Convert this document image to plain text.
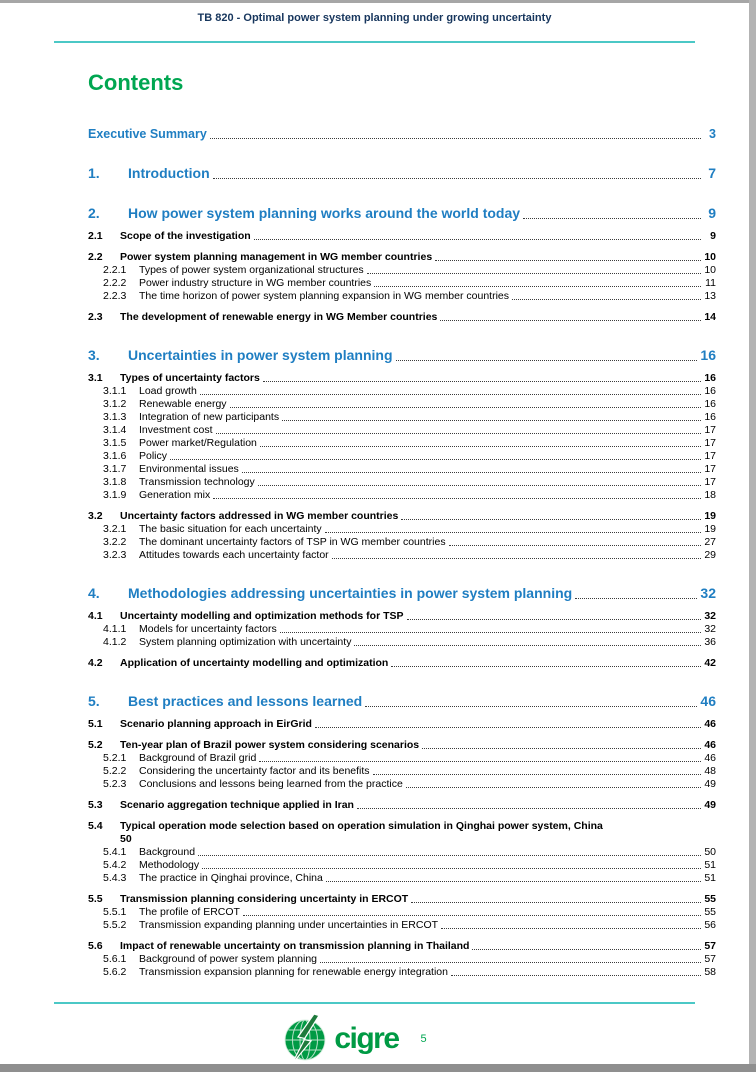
TB 820 - Optimal power system planning under growing uncertainty
Contents
Executive Summary	3
1.	Introduction	7
2.	How power system planning works around the world today	9
2.1	Scope of the investigation	9
2.2	Power system planning management in WG member countries	10
2.2.1	Types of power system organizational structures	10
2.2.2	Power industry structure in WG member countries	11
2.2.3	The time horizon of power system planning expansion in WG member countries	13
2.3	The development of renewable energy in WG Member countries	14
3.	Uncertainties in power system planning	16
3.1	Types of uncertainty factors	16
3.1.1	Load growth	16
3.1.2	Renewable energy	16
3.1.3	Integration of new participants	16
3.1.4	Investment cost	17
3.1.5	Power market/Regulation	17
3.1.6	Policy	17
3.1.7	Environmental issues	17
3.1.8	Transmission technology	17
3.1.9	Generation mix	18
3.2	Uncertainty factors addressed in WG member countries	19
3.2.1	The basic situation for each uncertainty	19
3.2.2	The dominant uncertainty factors of TSP in WG member countries	27
3.2.3	Attitudes towards each uncertainty factor	29
4.	Methodologies addressing uncertainties in power system planning	32
4.1	Uncertainty modelling and optimization methods for TSP	32
4.1.1	Models for uncertainty factors	32
4.1.2	System planning optimization with uncertainty	36
4.2	Application of uncertainty modelling and optimization	42
5.	Best practices and lessons learned	46
5.1	Scenario planning approach in EirGrid	46
5.2	Ten-year plan of Brazil power system considering scenarios	46
5.2.1	Background of Brazil grid	46
5.2.2	Considering the uncertainty factor and its benefits	48
5.2.3	Conclusions and lessons being learned from the practice	49
5.3	Scenario aggregation technique applied in Iran	49
5.4	Typical operation mode selection based on operation simulation in Qinghai power system, China
50
5.4.1	Background	50
5.4.2	Methodology	51
5.4.3	The practice in Qinghai province, China	51
5.5	Transmission planning considering uncertainty in ERCOT	55
5.5.1	The profile of ERCOT	55
5.5.2	Transmission expanding planning under uncertainties in ERCOT	56
5.6	Impact of renewable uncertainty on transmission planning in Thailand	57
5.6.1	Background of power system planning	57
5.6.2	Transmission expansion planning for renewable energy integration	58
cigre 5
